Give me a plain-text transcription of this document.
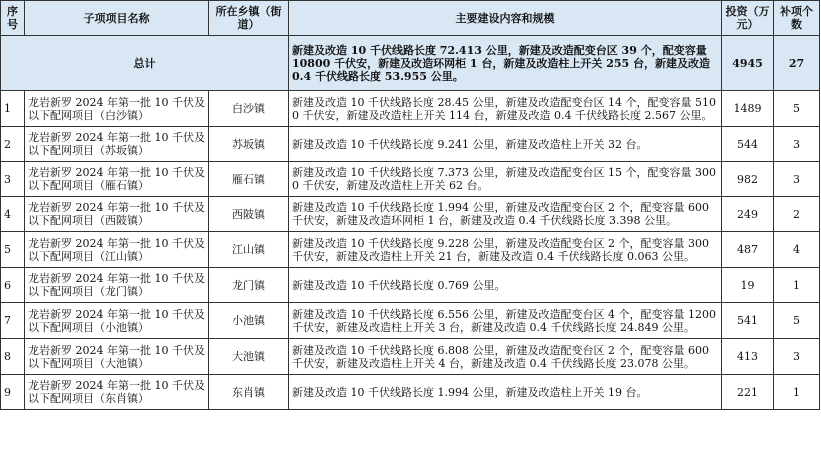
序号	子项项目名称	所在乡镇（街道）	主要建设内容和规模	投资（万元）	补项个数
总计			新建及改造 10 千伏线路长度 72.413 公里，新建及改造配变台区 39 个，配变容量 10800 千伏安，新建及改造环网柜 1 台，新建及改造柱上开关 255 台，新建及改造 0.4 千伏线路长度 53.955 公里。	4945	27
1	龙岩新罗 2024 年第一批 10 千伏及以下配网项目（白沙镇）	白沙镇	新建及改造 10 千伏线路长度 28.45 公里，新建及改造配变台区 14 个，配变容量 5100 千伏安，新建及改造柱上开关 114 台，新建及改造 0.4 千伏线路长度 2.567 公里。	1489	5
2	龙岩新罗 2024 年第一批 10 千伏及以下配网项目（苏坂镇）	苏坂镇	新建及改造 10 千伏线路长度 9.241 公里，新建及改造柱上开关 32 台。	544	3
3	龙岩新罗 2024 年第一批 10 千伏及以下配网项目（雁石镇）	雁石镇	新建及改造 10 千伏线路长度 7.373 公里，新建及改造配变台区 15 个，配变容量 3000 千伏安，新建及改造柱上开关 62 台。	982	3
4	龙岩新罗 2024 年第一批 10 千伏及以下配网项目（西陂镇）	西陂镇	新建及改造 10 千伏线路长度 1.994 公里，新建及改造配变台区 2 个，配变容量 600 千伏安，新建及改造环网柜 1 台，新建及改造 0.4 千伏线路长度 3.398 公里。	249	2
5	龙岩新罗 2024 年第一批 10 千伏及以下配网项目（江山镇）	江山镇	新建及改造 10 千伏线路长度 9.228 公里，新建及改造配变台区 2 个，配变容量 300 千伏安，新建及改造柱上开关 21 台，新建及改造 0.4 千伏线路长度 0.063 公里。	487	4
6	龙岩新罗 2024 年第一批 10 千伏及以下配网项目（龙门镇）	龙门镇	新建及改造 10 千伏线路长度 0.769 公里。	19	1
7	龙岩新罗 2024 年第一批 10 千伏及以下配网项目（小池镇）	小池镇	新建及改造 10 千伏线路长度 6.556 公里，新建及改造配变台区 4 个，配变容量 1200 千伏安，新建及改造柱上开关 3 台，新建及改造 0.4 千伏线路长度 24.849 公里。	541	5
8	龙岩新罗 2024 年第一批 10 千伏及以下配网项目（大池镇）	大池镇	新建及改造 10 千伏线路长度 6.808 公里，新建及改造配变台区 2 个，配变容量 600 千伏安，新建及改造柱上开关 4 台，新建及改造 0.4 千伏线路长度 23.078 公里。	413	3
9	龙岩新罗 2024 年第一批 10 千伏及以下配网项目（东肖镇）	东肖镇	新建及改造 10 千伏线路长度 1.994 公里，新建及改造柱上开关 19 台。	221	1
